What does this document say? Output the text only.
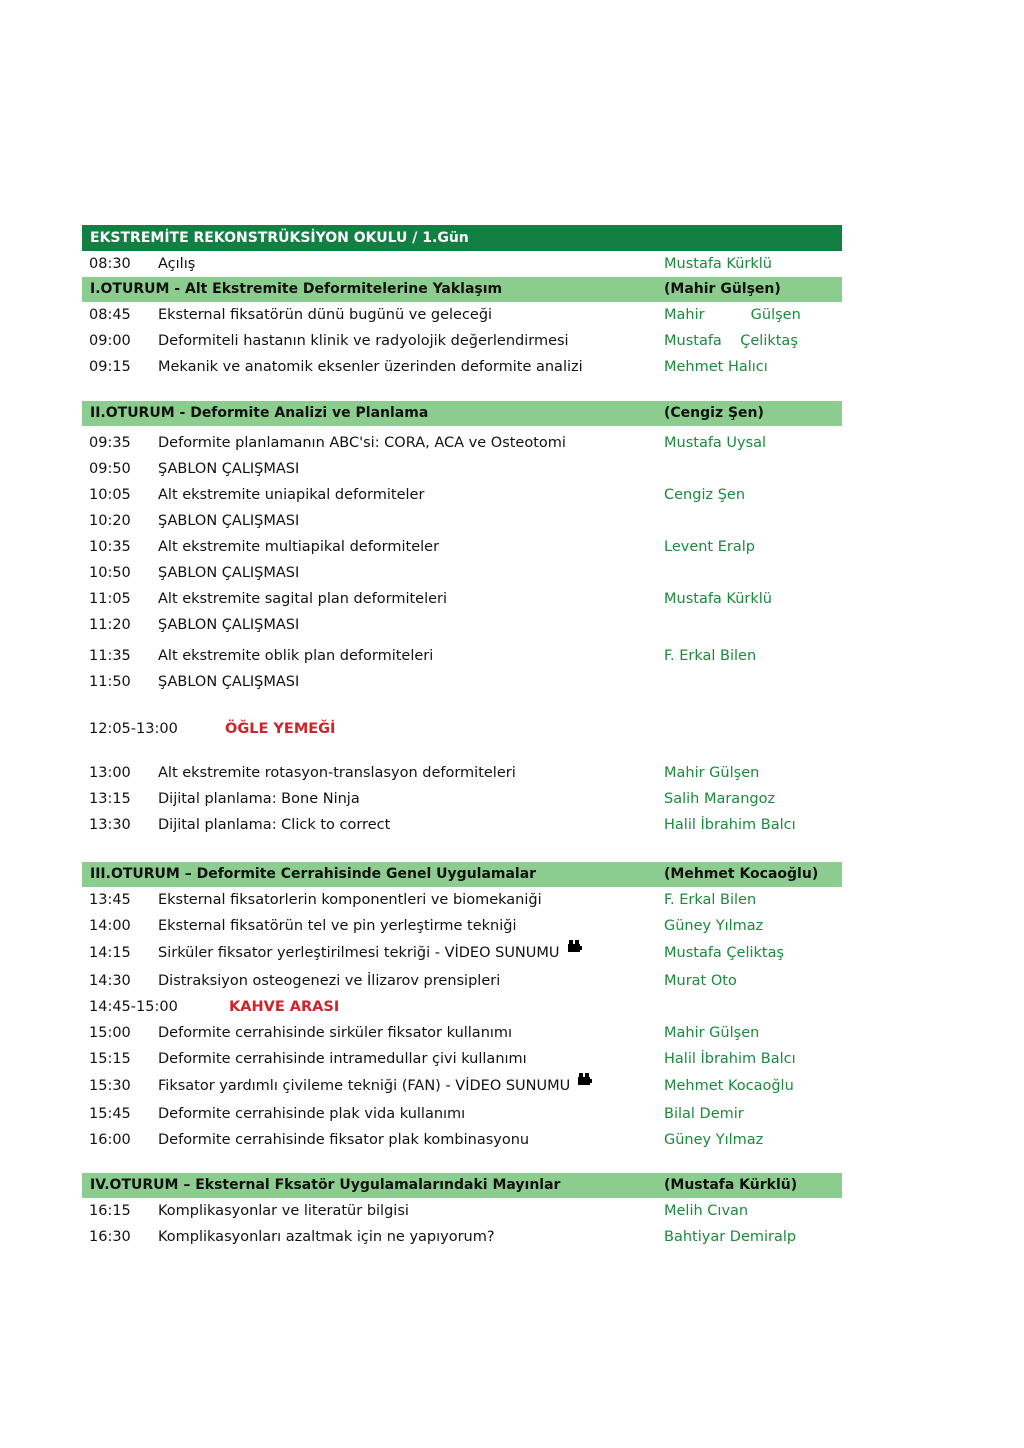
EKSTREMİTE REKONSTRÜKSİYON OKULU / 1.Gün
08:30 Açılış	Mustafa Kürklü
I.OTURUM - Alt Ekstremite Deformitelerine Yaklaşım	(Mahir Gülşen)
08:45 Eksternal fiksatörün dünü bugünü ve geleceği	Mahir          Gülşen
09:00 Deformiteli hastanın klinik ve radyolojik değerlendirmesi	Mustafa    Çeliktaş
09:15 Mekanik ve anatomik eksenler üzerinden deformite analizi	Mehmet Halıcı
II.OTURUM - Deformite Analizi ve Planlama	(Cengiz Şen)
09:35 Deformite planlamanın ABC'si: CORA, ACA ve Osteotomi	Mustafa Uysal
09:50 ŞABLON ÇALIŞMASI
10:05 Alt ekstremite uniapikal deformiteler	Cengiz Şen
10:20 ŞABLON ÇALIŞMASI
10:35 Alt ekstremite multiapikal deformiteler	Levent Eralp
10:50 ŞABLON ÇALIŞMASI
11:05 Alt ekstremite sagital plan deformiteleri	Mustafa Kürklü
11:20 ŞABLON ÇALIŞMASI
11:35 Alt ekstremite oblik plan deformiteleri	F. Erkal Bilen
11:50 ŞABLON ÇALIŞMASI
12:05-13:00	ÖĞLE YEMEĞİ
13:00 Alt ekstremite rotasyon-translasyon deformiteleri	Mahir Gülşen
13:15 Dijital planlama: Bone Ninja	Salih Marangoz
13:30 Dijital planlama: Click to correct	Halil İbrahim Balcı
III.OTURUM – Deformite Cerrahisinde Genel Uygulamalar	(Mehmet Kocaoğlu)
13:45 Eksternal fiksatorlerin komponentleri ve biomekaniği	F. Erkal Bilen
14:00 Eksternal fiksatörün tel ve pin yerleştirme tekniği	Güney Yılmaz
14:15 Sirküler fiksator yerleştirilmesi tekriği - VİDEO SUNUMU	Mustafa Çeliktaş
14:30 Distraksiyon osteogenezi ve İlizarov prensipleri	Murat Oto
14:45-15:00	KAHVE ARASI
15:00 Deformite cerrahisinde sirküler fiksator kullanımı	Mahir Gülşen
15:15 Deformite cerrahisinde intramedullar çivi kullanımı	Halil İbrahim Balcı
15:30 Fiksator yardımlı çivileme tekniği (FAN) - VİDEO SUNUMU	Mehmet Kocaoğlu
15:45 Deformite cerrahisinde plak vida kullanımı	Bilal Demir
16:00 Deformite cerrahisinde fiksator plak kombinasyonu	Güney Yılmaz
IV.OTURUM – Eksternal Fksatör Uygulamalarındaki Mayınlar	(Mustafa Kürklü)
16:15 Komplikasyonlar ve literatür bilgisi	Melih Cıvan
16:30 Komplikasyonları azaltmak için ne yapıyorum?	Bahtiyar Demiralp
